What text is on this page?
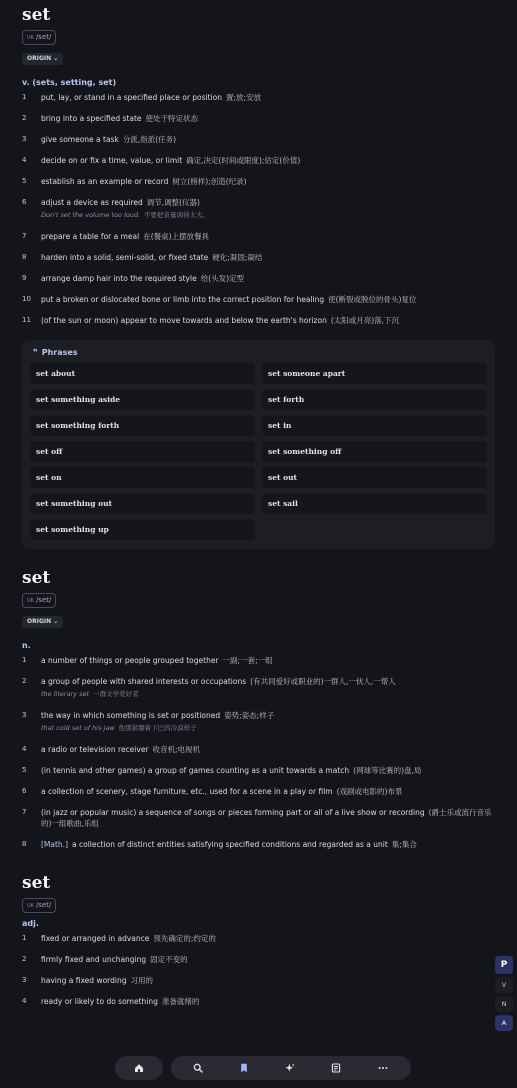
set
UK /set/
ORIGIN ⌄
v. (sets, setting, set)
1 put, lay, or stand in a specified place or position 置;放;安放
2 bring into a specified state 使处于特定状态
3 give someone a task 分派,指派(任务)
4 decide on or fix a time, value, or limit 确定,决定(时间或限度);估定(价值)
5 establish as an example or record 树立(榜样);创造(纪录)
6 adjust a device as required 调节,调整(仪器)
Don't set the volume too loud. 不要把音量调得太大。
7 prepare a table for a meal 在(餐桌)上摆放餐具
8 harden into a solid, semi-solid, or fixed state 硬化;凝固;凝结
9 arrange damp hair into the required style 给(头发)定型
10 put a broken or dislocated bone or limb into the correct position for healing 使(断裂或脱位的骨头)复位
11 (of the sun or moon) appear to move towards and below the earth's horizon (太阳或月亮)落,下沉
❞ Phrases
set about	set someone apart
set something aside	set forth
set something forth	set in
set off	set something off
set on	set out
set something out	set sail
set something up
set
UK /set/
ORIGIN ⌄
n.
1 a number of things or people grouped together 一副;一套;一组
2 a group of people with shared interests or occupations (有共同爱好或职业的)一群人,一伙人,一帮人
the literary set 一群文学爱好者
3 the way in which something is set or positioned 姿势;姿态;样子
that cold set of his jaw 他那紧绷着下巴的冷漠样子
4 a radio or television receiver 收音机;电视机
5 (in tennis and other games) a group of games counting as a unit towards a match (网球等比赛的)盘,局
6 a collection of scenery, stage furniture, etc., used for a scene in a play or film (戏剧或电影的)布景
7 (in jazz or popular music) a sequence of songs or pieces forming part or all of a live show or recording (爵士乐或流行音乐的)一组歌曲,乐组
8 [Math.] a collection of distinct entities satisfying specified conditions and regarded as a unit 集;集合
set
UK /set/
adj.
1 fixed or arranged in advance 预先确定的;约定的
2 firmly fixed and unchanging 固定不变的
3 having a fixed wording 习用的
4 ready or likely to do something 准备就绪的
P
V
N
A
